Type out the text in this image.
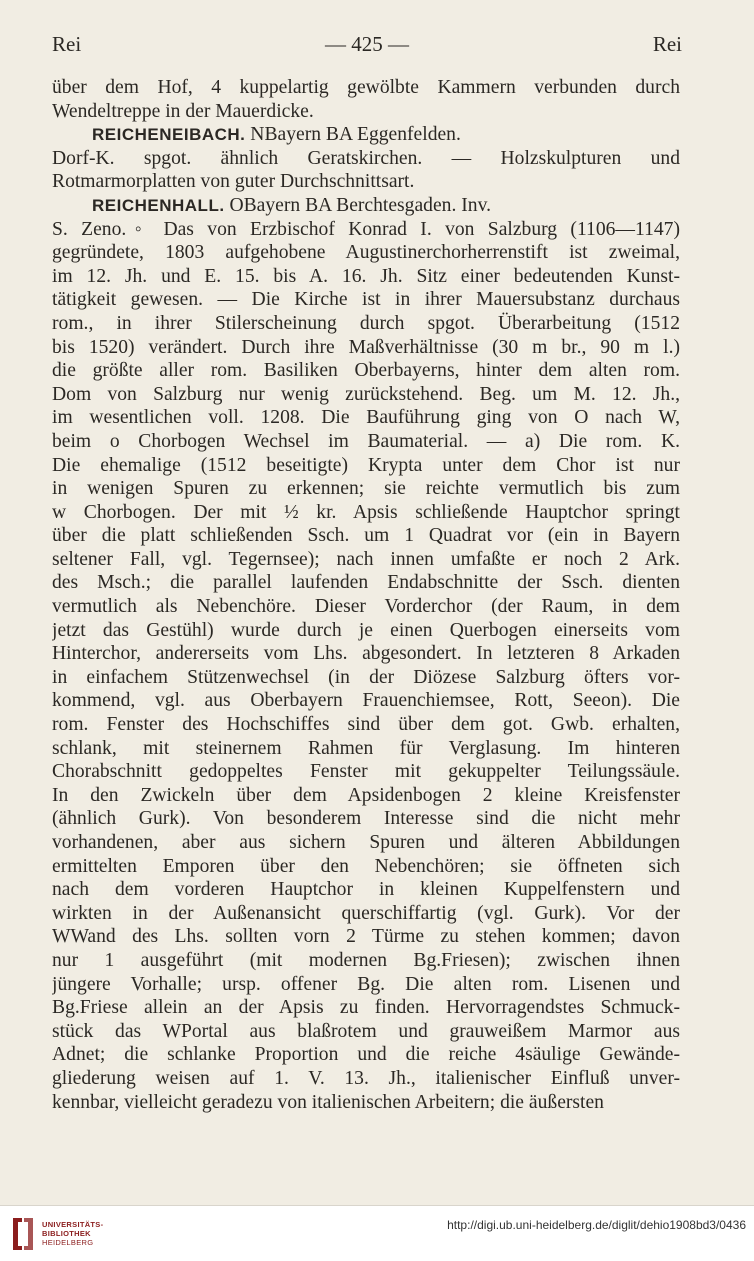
Rei	— 425 —	Rei
über dem Hof, 4 kuppelartig gewölbte Kammern verbunden durch
Wendeltreppe in der Mauerdicke.
REICHENEIBACH. NBayern BA Eggenfelden.
Dorf-K. spgot. ähnlich Geratskirchen. — Holzskulpturen und
Rotmarmorplatten von guter Durchschnittsart.
REICHENHALL. OBayern BA Berchtesgaden. Inv.
S. Zeno.◦ Das von Erzbischof Konrad I. von Salzburg (1106—1147)
gegründete, 1803 aufgehobene Augustinerchorherrenstift ist zweimal,
im 12. Jh. und E. 15. bis A. 16. Jh. Sitz einer bedeutenden Kunst-
tätigkeit gewesen. — Die Kirche ist in ihrer Mauersubstanz durchaus
rom., in ihrer Stilerscheinung durch spgot. Überarbeitung (1512
bis 1520) verändert. Durch ihre Maßverhältnisse (30 m br., 90 m l.)
die größte aller rom. Basiliken Oberbayerns, hinter dem alten rom.
Dom von Salzburg nur wenig zurückstehend. Beg. um M. 12. Jh.,
im wesentlichen voll. 1208. Die Bauführung ging von O nach W,
beim o Chorbogen Wechsel im Baumaterial. — a) Die rom. K.
Die ehemalige (1512 beseitigte) Krypta unter dem Chor ist nur
in wenigen Spuren zu erkennen; sie reichte vermutlich bis zum
w Chorbogen. Der mit ½ kr. Apsis schließende Hauptchor springt
über die platt schließenden Ssch. um 1 Quadrat vor (ein in Bayern
seltener Fall, vgl. Tegernsee); nach innen umfaßte er noch 2 Ark.
des Msch.; die parallel laufenden Endabschnitte der Ssch. dienten
vermutlich als Nebenchöre. Dieser Vorderchor (der Raum, in dem
jetzt das Gestühl) wurde durch je einen Querbogen einerseits vom
Hinterchor, andererseits vom Lhs. abgesondert. In letzteren 8 Arkaden
in einfachem Stützenwechsel (in der Diözese Salzburg öfters vor-
kommend, vgl. aus Oberbayern Frauenchiemsee, Rott, Seeon). Die
rom. Fenster des Hochschiffes sind über dem got. Gwb. erhalten,
schlank, mit steinernem Rahmen für Verglasung. Im hinteren
Chorabschnitt gedoppeltes Fenster mit gekuppelter Teilungssäule.
In den Zwickeln über dem Apsidenbogen 2 kleine Kreisfenster
(ähnlich Gurk). Von besonderem Interesse sind die nicht mehr
vorhandenen, aber aus sichern Spuren und älteren Abbildungen
ermittelten Emporen über den Nebenchören; sie öffneten sich
nach dem vorderen Hauptchor in kleinen Kuppelfenstern und
wirkten in der Außenansicht querschiffartig (vgl. Gurk). Vor der
WWand des Lhs. sollten vorn 2 Türme zu stehen kommen; davon
nur 1 ausgeführt (mit modernen Bg.Friesen); zwischen ihnen
jüngere Vorhalle; ursp. offener Bg. Die alten rom. Lisenen und
Bg.Friese allein an der Apsis zu finden. Hervorragendstes Schmuck-
stück das WPortal aus blaßrotem und grauweißem Marmor aus
Adnet; die schlanke Proportion und die reiche 4säulige Gewände-
gliederung weisen auf 1. V. 13. Jh., italienischer Einfluß unver-
kennbar, vielleicht geradezu von italienischen Arbeitern; die äußersten
UNIVERSITÄTS-
BIBLIOTHEK
HEIDELBERG
http://digi.ub.uni-heidelberg.de/diglit/dehio1908bd3/0436
